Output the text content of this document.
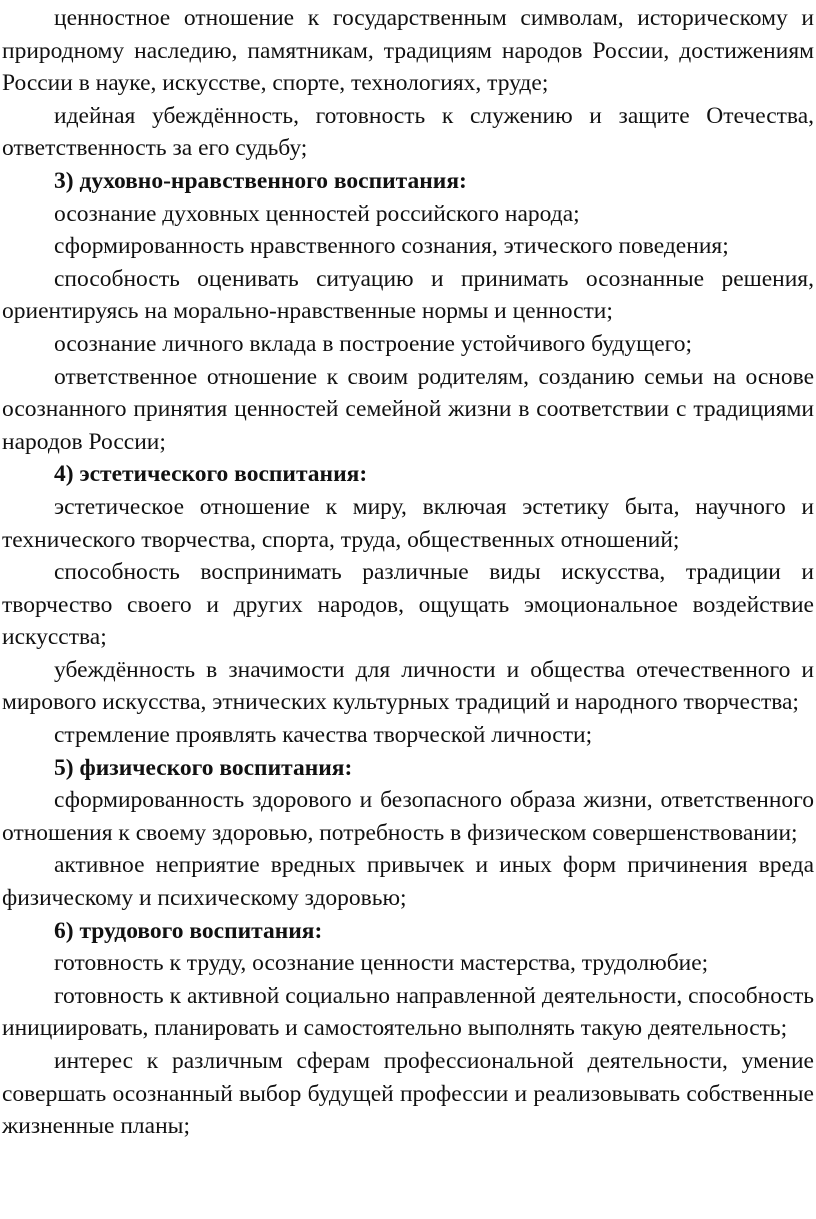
ценностное отношение к государственным символам, историческому и природному наследию, памятникам, традициям народов России, достижениям России в науке, искусстве, спорте, технологиях, труде;

идейная убеждённость, готовность к служению и защите Отечества, ответственность за его судьбу;

3) духовно-нравственного воспитания:

осознание духовных ценностей российского народа;

сформированность нравственного сознания, этического поведения;

способность оценивать ситуацию и принимать осознанные решения, ориентируясь на морально-нравственные нормы и ценности;

осознание личного вклада в построение устойчивого будущего;

ответственное отношение к своим родителям, созданию семьи на основе осознанного принятия ценностей семейной жизни в соответствии с традициями народов России;

4) эстетического воспитания:

эстетическое отношение к миру, включая эстетику быта, научного и технического творчества, спорта, труда, общественных отношений;

способность воспринимать различные виды искусства, традиции и творчество своего и других народов, ощущать эмоциональное воздействие искусства;

убеждённость в значимости для личности и общества отечественного и мирового искусства, этнических культурных традиций и народного творчества;

стремление проявлять качества творческой личности;

5) физического воспитания:

сформированность здорового и безопасного образа жизни, ответственного отношения к своему здоровью, потребность в физическом совершенствовании;

активное неприятие вредных привычек и иных форм причинения вреда физическому и психическому здоровью;

6) трудового воспитания:

готовность к труду, осознание ценности мастерства, трудолюбие;

готовность к активной социально направленной деятельности, способность инициировать, планировать и самостоятельно выполнять такую деятельность;

интерес к различным сферам профессиональной деятельности, умение совершать осознанный выбор будущей профессии и реализовывать собственные жизненные планы;
